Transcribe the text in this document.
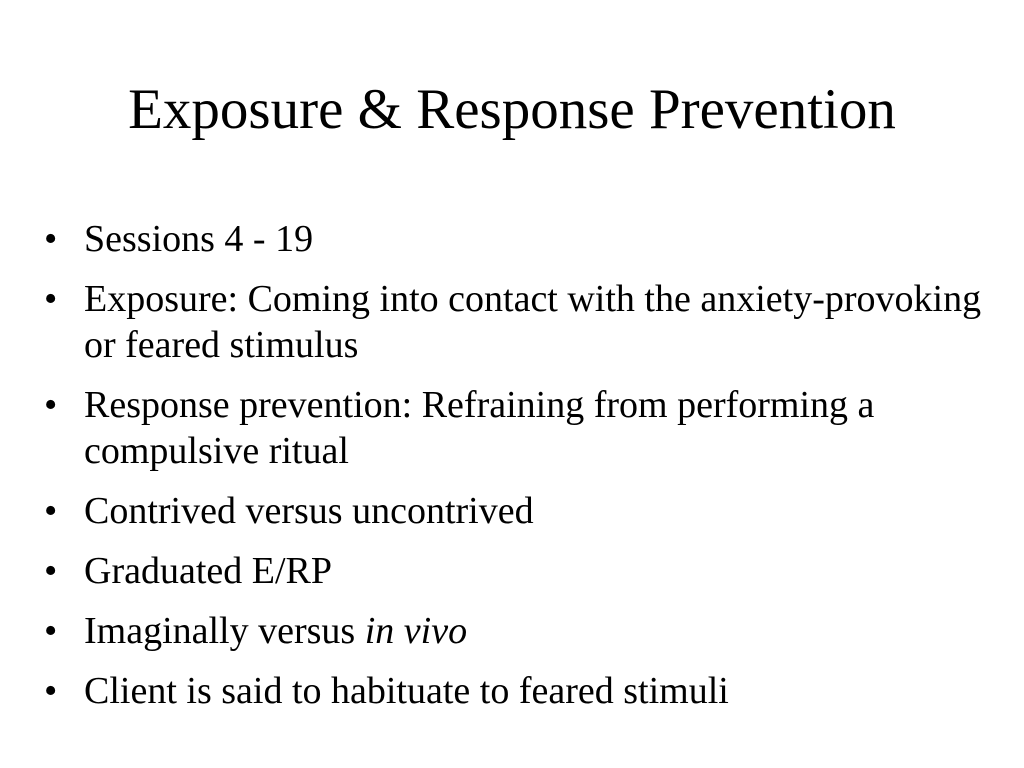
Exposure & Response Prevention
• Sessions 4 - 19
• Exposure: Coming into contact with the anxiety-provoking or feared stimulus
• Response prevention: Refraining from performing a compulsive ritual
• Contrived versus uncontrived
• Graduated E/RP
• Imaginally versus in vivo
• Client is said to habituate to feared stimuli
